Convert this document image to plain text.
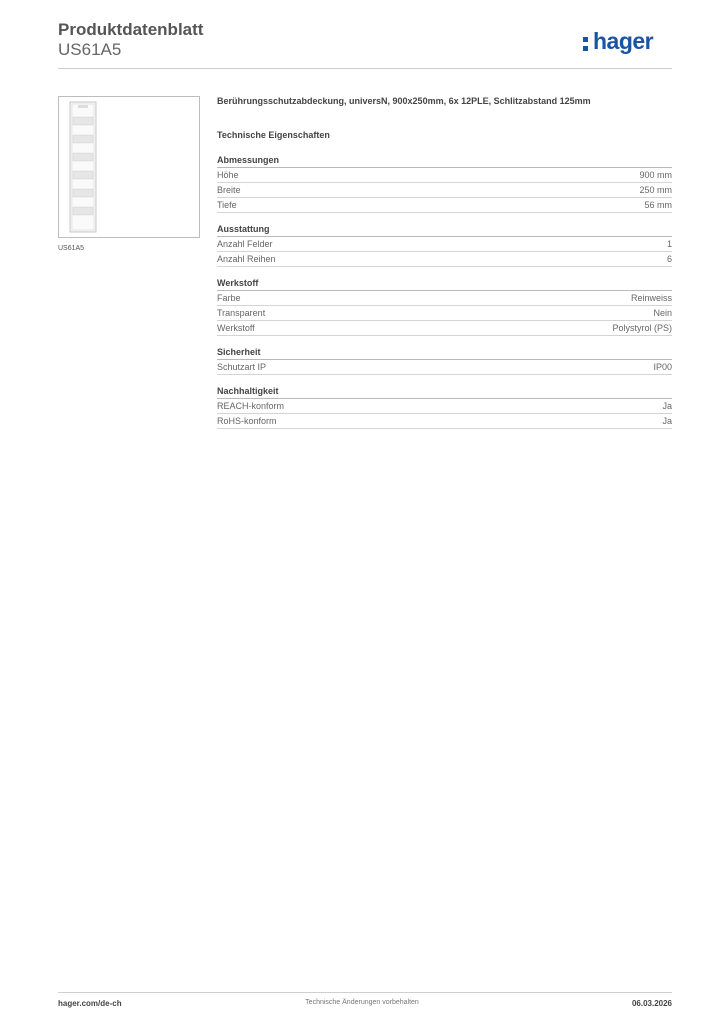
Produktdatenblatt
US61A5	hager
US61A5
Berührungsschutzabdeckung, universN, 900x250mm, 6x 12PLE, Schlitzabstand 125mm
Technische Eigenschaften
Abmessungen
Höhe	900 mm
Breite	250 mm
Tiefe	56 mm
Ausstattung
Anzahl Felder	1
Anzahl Reihen	6
Werkstoff
Farbe	Reinweiss
Transparent	Nein
Werkstoff	Polystyrol (PS)
Sicherheit
Schutzart IP	IP00
Nachhaltigkeit
REACH-konform	Ja
RoHS-konform	Ja
hager.com/de-ch	Technische Änderungen vorbehalten	06.03.2026
